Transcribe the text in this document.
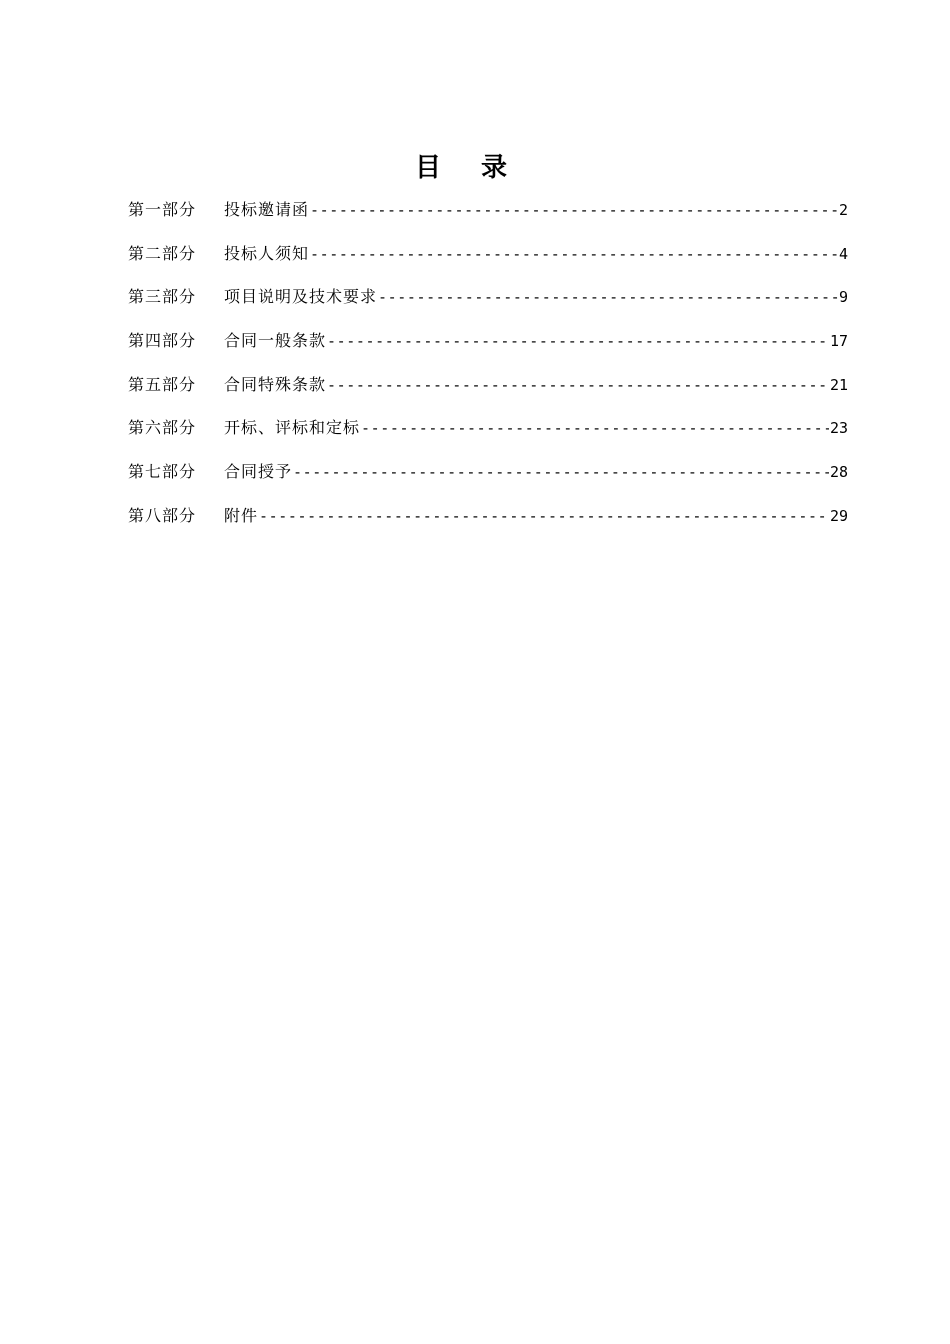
目录
第一部分	投标邀请函 -----	2
第二部分	投标人须知 -----	4
第三部分	项目说明及技术要求 -----	9
第四部分	合同一般条款 -----	17
第五部分	合同特殊条款 -----	21
第六部分	开标、评标和定标 -----	23
第七部分	合同授予 -----	28
第八部分	附件 -----	29
